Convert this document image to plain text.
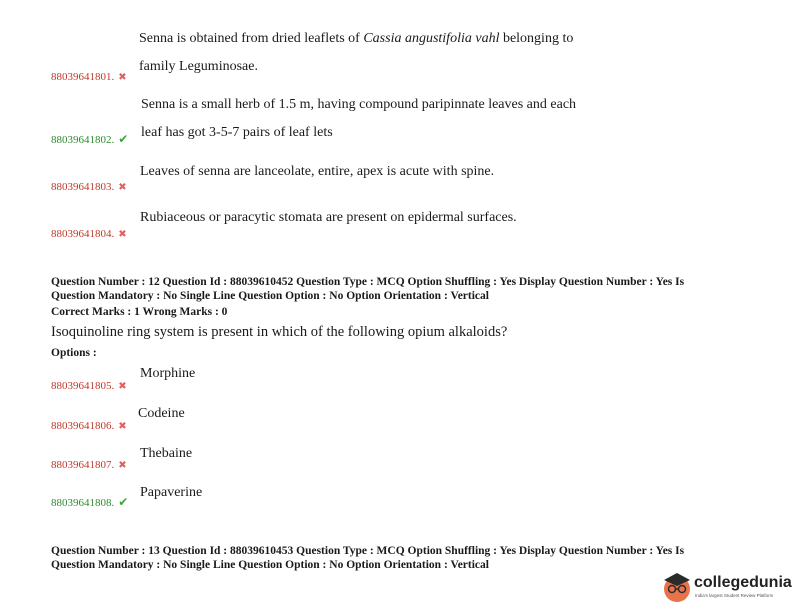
Senna is obtained from dried leaflets of Cassia angustifolia vahl belonging to
family Leguminosae.
88039641801. ✖
Senna is a small herb of 1.5 m, having compound paripinnate leaves and each
leaf has got 3-5-7 pairs of leaf lets
88039641802. ✔
Leaves of senna are lanceolate, entire, apex is acute with spine.
88039641803. ✖
Rubiaceous or paracytic stomata are present on epidermal surfaces.
88039641804. ✖
Question Number : 12 Question Id : 88039610452 Question Type : MCQ Option Shuffling : Yes Display Question Number : Yes Is
Question Mandatory : No Single Line Question Option : No Option Orientation : Vertical
Correct Marks : 1 Wrong Marks : 0
Isoquinoline ring system is present in which of the following opium alkaloids?
Options :
Morphine
88039641805. ✖
Codeine
88039641806. ✖
Thebaine
88039641807. ✖
Papaverine
88039641808. ✔
Question Number : 13 Question Id : 88039610453 Question Type : MCQ Option Shuffling : Yes Display Question Number : Yes Is
Question Mandatory : No Single Line Question Option : No Option Orientation : Vertical
collegedunia
India's largest Student Review Platform
